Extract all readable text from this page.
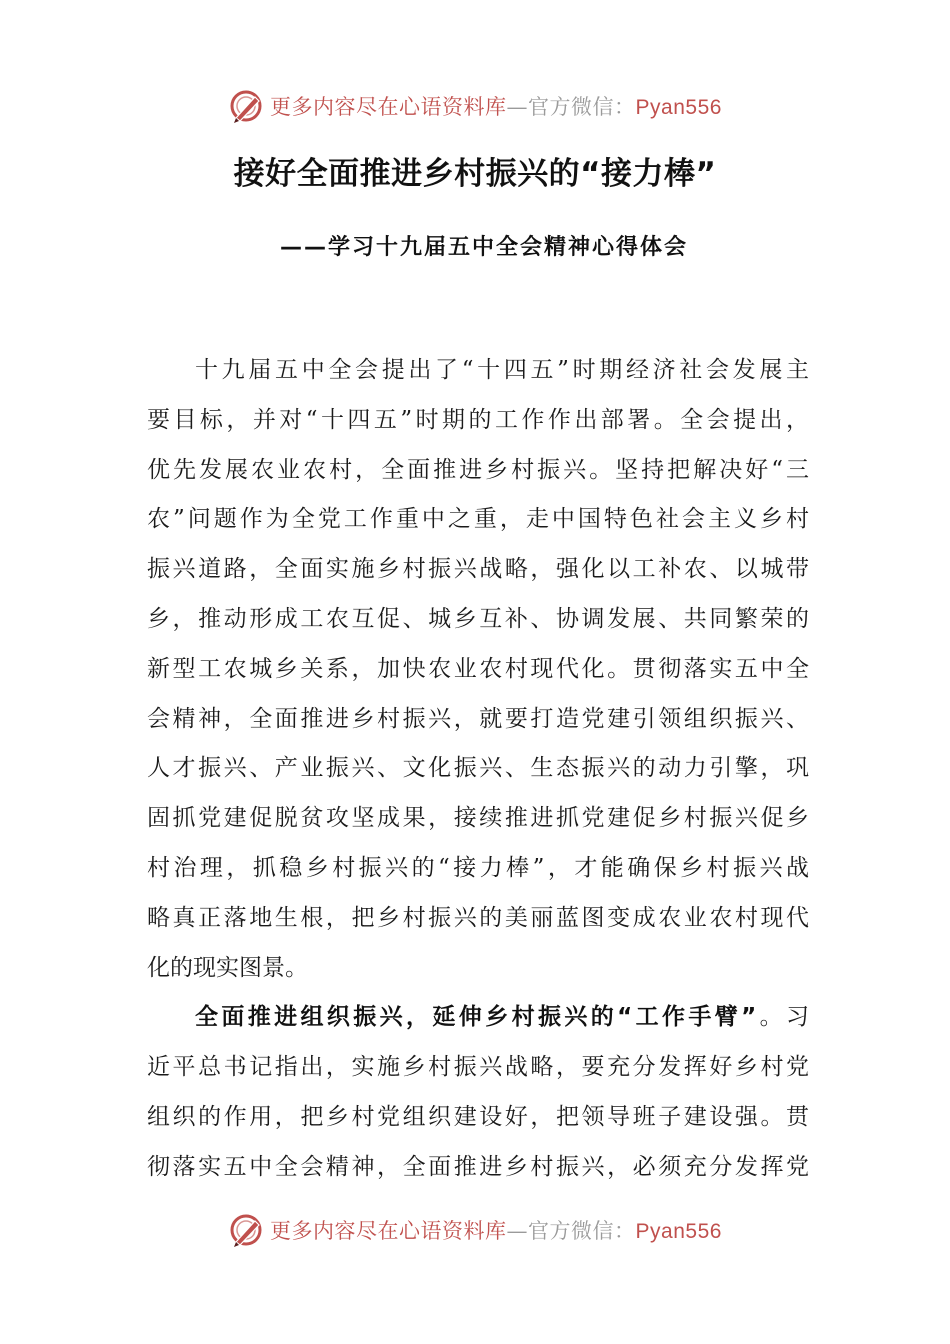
更多内容尽在心语资料库—官方微信：Pyan556
接好全面推进乡村振兴的“接力棒”
——学习十九届五中全会精神心得体会
十九届五中全会提出了“十四五”时期经济社会发展主
要目标，并对“十四五”时期的工作作出部署。全会提出，
优先发展农业农村，全面推进乡村振兴。坚持把解决好“三
农”问题作为全党工作重中之重，走中国特色社会主义乡村
振兴道路，全面实施乡村振兴战略，强化以工补农、以城带
乡，推动形成工农互促、城乡互补、协调发展、共同繁荣的
新型工农城乡关系，加快农业农村现代化。贯彻落实五中全
会精神，全面推进乡村振兴，就要打造党建引领组织振兴、
人才振兴、产业振兴、文化振兴、生态振兴的动力引擎，巩
固抓党建促脱贫攻坚成果，接续推进抓党建促乡村振兴促乡
村治理，抓稳乡村振兴的“接力棒”，才能确保乡村振兴战
略真正落地生根，把乡村振兴的美丽蓝图变成农业农村现代
化的现实图景。
全面推进组织振兴，延伸乡村振兴的“工作手臂”。习
近平总书记指出，实施乡村振兴战略，要充分发挥好乡村党
组织的作用，把乡村党组织建设好，把领导班子建设强。贯
彻落实五中全会精神，全面推进乡村振兴，必须充分发挥党
更多内容尽在心语资料库—官方微信：Pyan556
